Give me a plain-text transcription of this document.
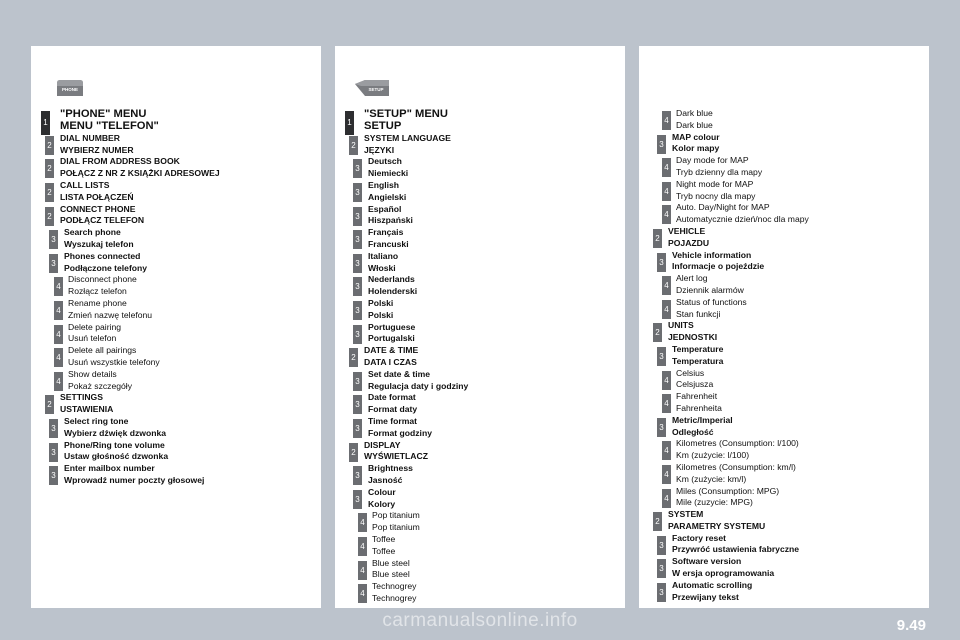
PHONE
1
"PHONE" MENU
MENU "TELEFON"
2
DIAL NUMBER
WYBIERZ NUMER
2
DIAL FROM ADDRESS BOOK
POŁĄCZ Z NR Z KSIĄŻKI ADRESOWEJ
2
CALL LISTS
LISTA POŁĄCZEŃ
2
CONNECT PHONE
PODŁĄCZ TELEFON
3
Search phone
Wyszukaj telefon
3
Phones connected
Podłączone telefony
4
Disconnect phone
Rozłącz telefon
4
Rename phone
Zmień nazwę telefonu
4
Delete pairing
Usuń telefon
4
Delete all pairings
Usuń wszystkie telefony
4
Show details
Pokaż szczegóły
2
SETTINGS
USTAWIENIA
3
Select ring tone
Wybierz dźwięk dzwonka
3
Phone/Ring tone volume
Ustaw głośność dzwonka
3
Enter mailbox number
Wprowadź numer poczty głosowej
SETUP
1
"SETUP" MENU
SETUP
2
SYSTEM LANGUAGE
JĘZYKI
3
Deutsch
Niemiecki
3
English
Angielski
3
Español
Hiszpański
3
Français
Francuski
3
Italiano
Włoski
3
Nederlands
Holenderski
3
Polski
Polski
3
Portuguese
Portugalski
2
DATE & TIME
DATA I CZAS
3
Set date & time
Regulacja daty i godziny
3
Date format
Format daty
3
Time format
Format godziny
2
DISPLAY
WYŚWIETLACZ
3
Brightness
Jasność
3
Colour
Kolory
4
Pop titanium
Pop titanium
4
Toffee
Toffee
4
Blue steel
Blue steel
4
Technogrey
Technogrey
4
Dark blue
Dark blue
3
MAP colour
Kolor mapy
4
Day mode for MAP
Tryb dzienny dla mapy
4
Night mode for MAP
Tryb nocny dla mapy
4
Auto. Day/Night for MAP
Automatycznie dzień/noc dla mapy
2
VEHICLE
POJAZDU
3
Vehicle information
Informacje o pojeździe
4
Alert log
Dziennik alarmów
4
Status of functions
Stan funkcji
2
UNITS
JEDNOSTKI
3
Temperature
Temperatura
4
Celsius
Celsjusza
4
Fahrenheit
Fahrenheita
3
Metric/Imperial
Odległość
4
Kilometres (Consumption: l/100)
Km (zużycie: l/100)
4
Kilometres (Consumption: km/l)
Km (zużycie: km/l)
4
Miles (Consumption: MPG)
Mile (zuzycie: MPG)
2
SYSTEM
PARAMETRY SYSTEMU
3
Factory reset
Przywróć ustawienia fabryczne
3
Software version
W ersja oprogramowania
3
Automatic scrolling
Przewijany tekst
carmanualsonline.info	9.49
